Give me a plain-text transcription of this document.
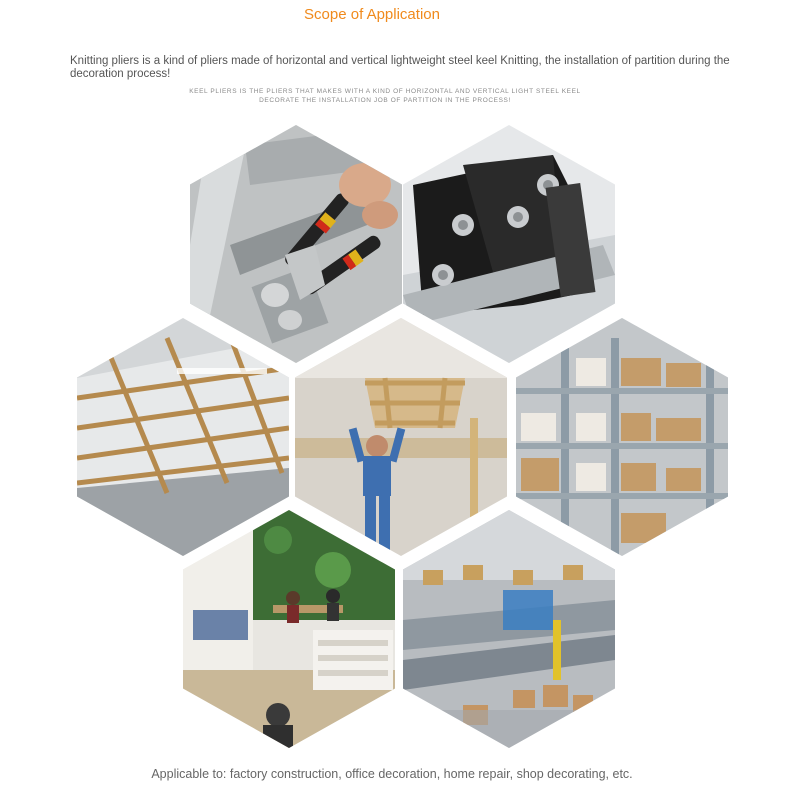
Scope of Application
Knitting pliers is a kind of pliers made of horizontal and vertical lightweight steel keel Knitting, the installation of partition during the decoration process!
KEEL PLIERS IS THE PLIERS THAT MAKES WITH A KIND OF HORIZONTAL AND VERTICAL LIGHT STEEL KEEL
DECORATE THE INSTALLATION JOB OF PARTITION IN THE PROCESS!
Applicable to: factory construction, office decoration, home repair, shop decorating, etc.
